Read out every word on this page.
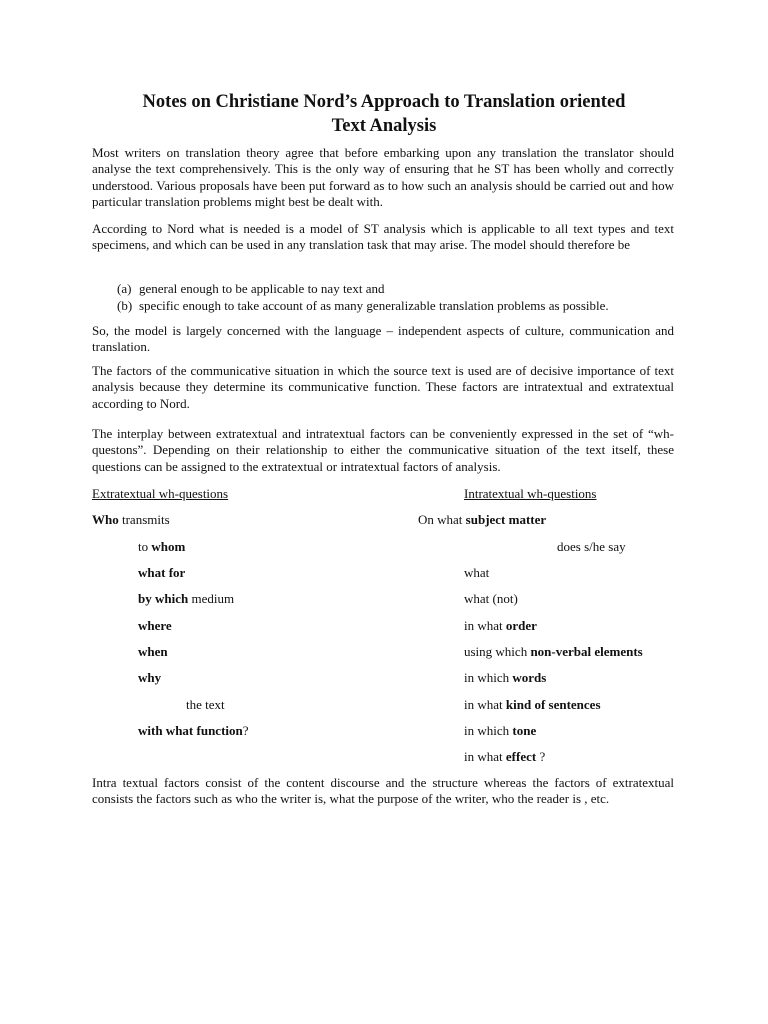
Notes on Christiane Nord’s Approach to Translation oriented
Text Analysis

Most writers on translation theory agree that before embarking upon any translation the translator should analyse the text comprehensively. This is the only way of ensuring that he ST has been wholly and correctly understood. Various proposals have been put forward as to how such an analysis should be carried out and how particular translation problems might best be dealt with.

According to Nord what is needed is a model of ST analysis which is applicable to all text types and text specimens, and which can be used in any translation task that may arise. The model should therefore be

(a) general enough to be applicable to nay text and
(b) specific enough to take account of as many generalizable translation problems as possible.

So, the model is largely concerned with the language – independent aspects of culture, communication and translation.

The factors of the communicative situation in which the source text is used are of decisive importance of text analysis because they determine its communicative function. These factors are intratextual and extratextual according to Nord.

The interplay between extratextual and intratextual factors can be conveniently expressed in the set of “wh-questons”. Depending on their relationship to either the communicative situation of the text itself, these questions can be assigned to the extratextual or intratextual factors of analysis.

Extratextual wh-questions	Intratextual wh-questions
Who transmits
to whom
what for
by which medium
where
when
why
the text
with what function?
On what subject matter
does s/he say
what
what (not)
in what order
using which non-verbal elements
in which words
in what kind of sentences
in which tone
in what effect ?

Intra textual factors consist of the content discourse and the structure whereas the factors of extratextual consists the factors such as who the writer is, what the purpose of the writer, who the reader is , etc.
